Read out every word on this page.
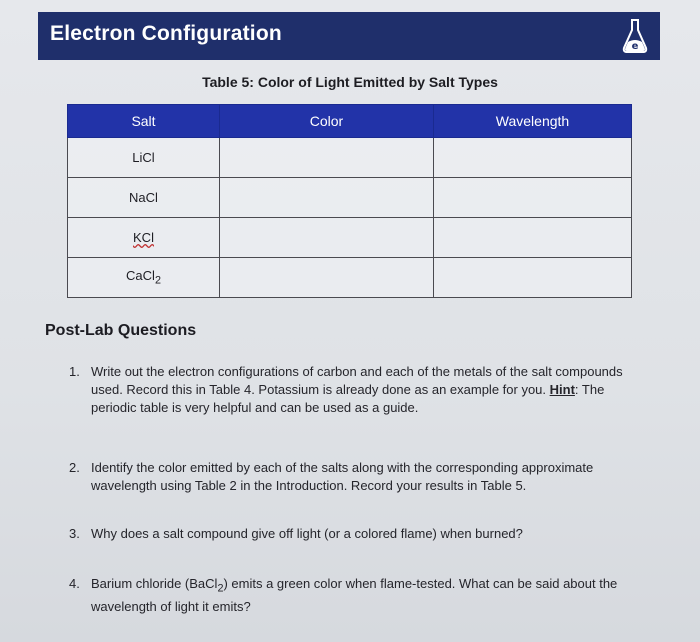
Electron Configuration
e
Table 5: Color of Light Emitted by Salt Types
Salt	Color	Wavelength
LiCl		
NaCl		
KCl		
CaCl$_2$		
Post-Lab Questions
1. Write out the electron configurations of carbon and each of the metals of the salt compounds used. Record this in Table 4. Potassium is already done as an example for you. Hint: The periodic table is very helpful and can be used as a guide.
2. Identify the color emitted by each of the salts along with the corresponding approximate wavelength using Table 2 in the Introduction. Record your results in Table 5.
3. Why does a salt compound give off light (or a colored flame) when burned?
4. Barium chloride (BaCl$_2$) emits a green color when flame-tested. What can be said about the wavelength of light it emits?
